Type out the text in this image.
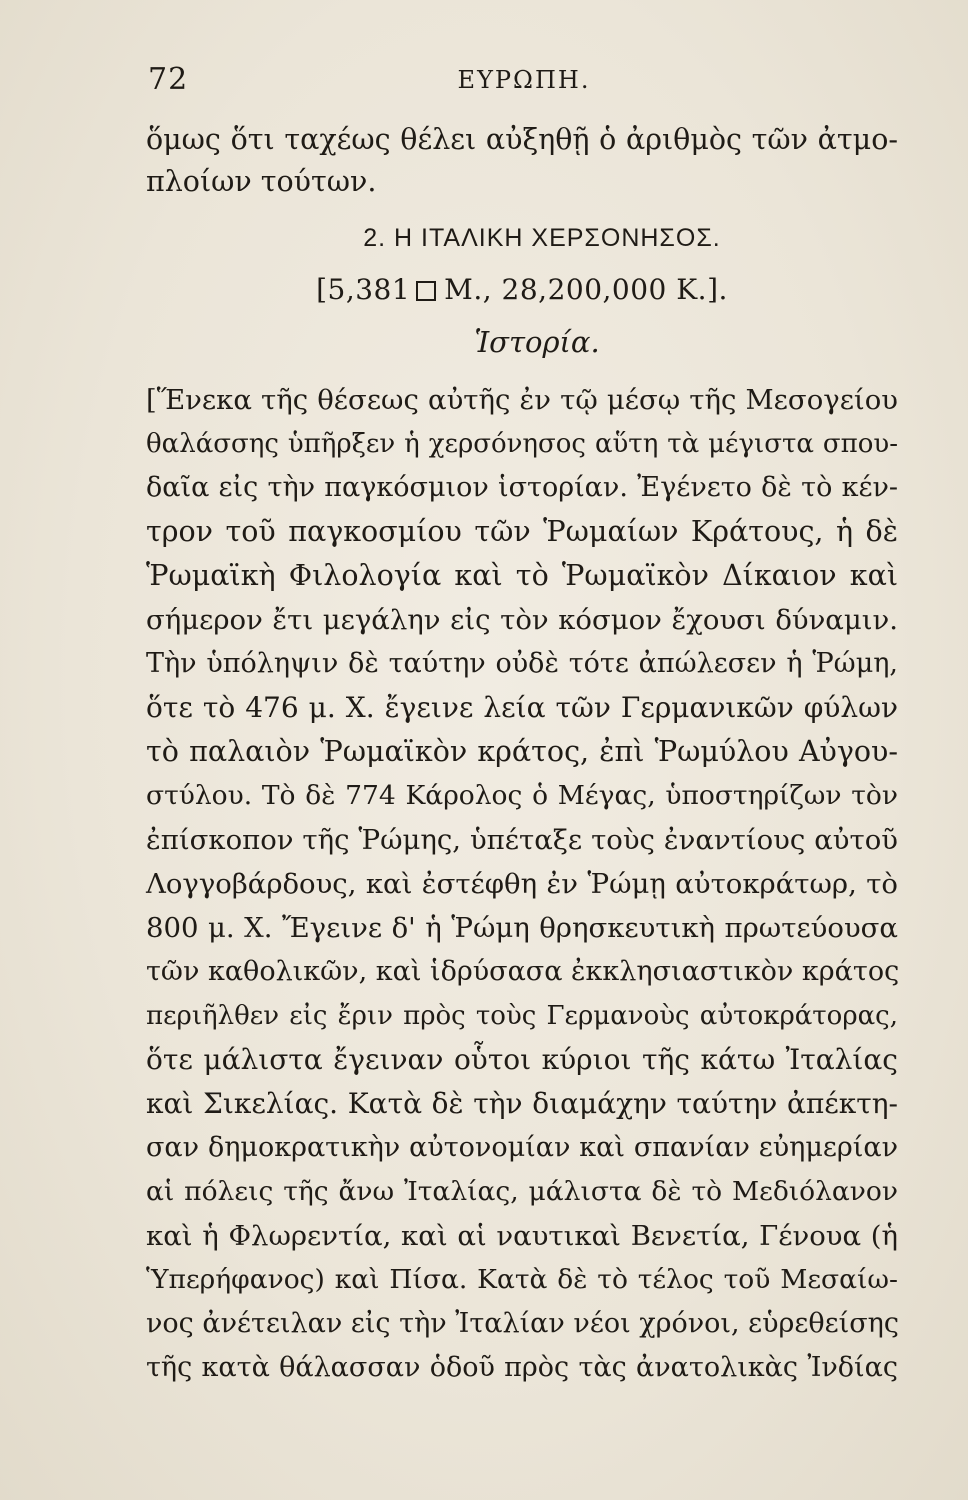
72	ΕΥΡΩΠΗ.
ὅμως ὅτι ταχέως θέλει αὐξηθῇ ὁ ἀριθμὸς τῶν ἀτμο-
πλοίων τούτων.
2. Η ΙΤΑΛΙΚΗ ΧΕΡΣΟΝΗΣΟΣ.
[5,381 M., 28,200,000 K.].
Ἱστορία.
[Ἕνεκα τῆς θέσεως αὐτῆς ἐν τῷ μέσῳ τῆς Μεσογείου
θαλάσσης ὑπῆρξεν ἡ χερσόνησος αὕτη τὰ μέγιστα σπου-
δαῖα εἰς τὴν παγκόσμιον ἱστορίαν. Ἐγένετο δὲ τὸ κέν-
τρον τοῦ παγκοσμίου τῶν Ῥωμαίων Κράτους, ἡ δὲ
Ῥωμαϊκὴ Φιλολογία καὶ τὸ Ῥωμαϊκὸν Δίκαιον καὶ
σήμερον ἔτι μεγάλην εἰς τὸν κόσμον ἔχουσι δύναμιν.
Τὴν ὑπόληψιν δὲ ταύτην οὐδὲ τότε ἀπώλεσεν ἡ Ῥώμη,
ὅτε τὸ 476 μ. Χ. ἔγεινε λεία τῶν Γερμανικῶν φύλων
τὸ παλαιὸν Ῥωμαϊκὸν κράτος, ἐπὶ Ῥωμύλου Αὐγου-
στύλου. Τὸ δὲ 774 Κάρολος ὁ Μέγας, ὑποστηρίζων τὸν
ἐπίσκοπον τῆς Ῥώμης, ὑπέταξε τοὺς ἐναντίους αὐτοῦ
Λογγοβάρδους, καὶ ἐστέφθη ἐν Ῥώμῃ αὐτοκράτωρ, τὸ
800 μ. Χ. Ἔγεινε δ' ἡ Ῥώμη θρησκευτικὴ πρωτεύουσα
τῶν καθολικῶν, καὶ ἱδρύσασα ἐκκλησιαστικὸν κράτος
περιῆλθεν εἰς ἔριν πρὸς τοὺς Γερμανοὺς αὐτοκράτορας,
ὅτε μάλιστα ἔγειναν οὗτοι κύριοι τῆς κάτω Ἰταλίας
καὶ Σικελίας. Κατὰ δὲ τὴν διαμάχην ταύτην ἀπέκτη-
σαν δημοκρατικὴν αὐτονομίαν καὶ σπανίαν εὐημερίαν
αἱ πόλεις τῆς ἄνω Ἰταλίας, μάλιστα δὲ τὸ Μεδιόλανον
καὶ ἡ Φλωρεντία, καὶ αἱ ναυτικαὶ Βενετία, Γένουα (ἡ
Ὑπερήφανος) καὶ Πίσα. Κατὰ δὲ τὸ τέλος τοῦ Μεσαίω-
νος ἀνέτειλαν εἰς τὴν Ἰταλίαν νέοι χρόνοι, εὑρεθείσης
τῆς κατὰ θάλασσαν ὁδοῦ πρὸς τὰς ἀνατολικὰς Ἰνδίας
